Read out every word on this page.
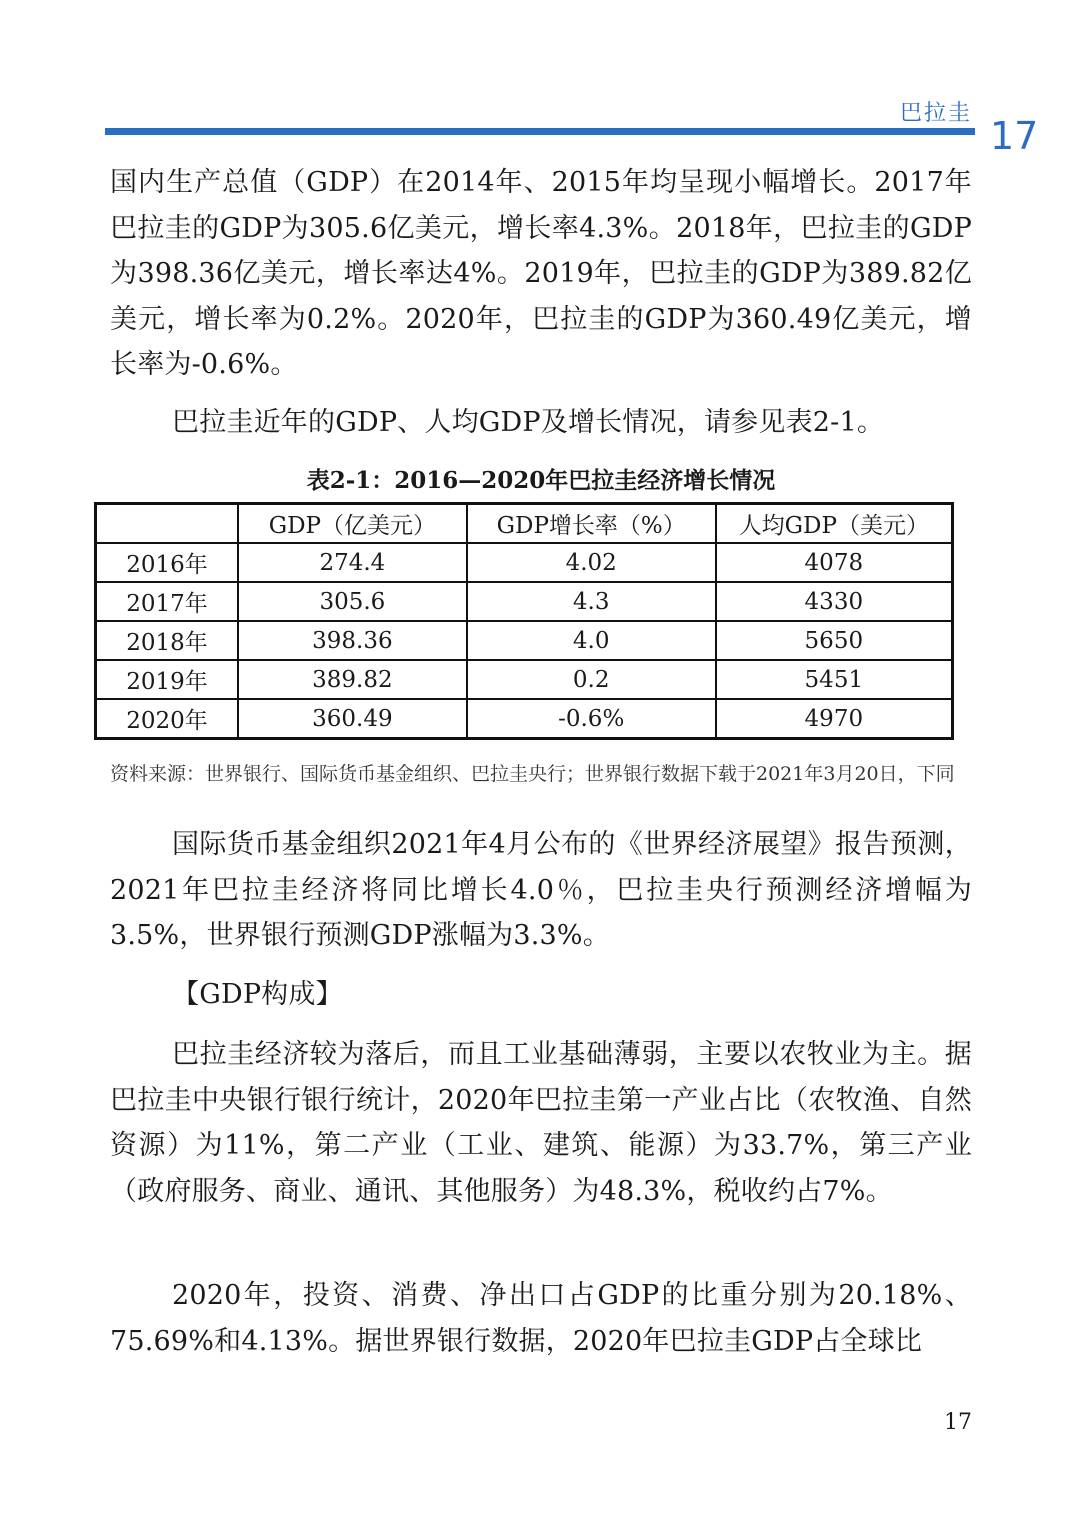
巴拉圭
17

国内生产总值（GDP）在2014年、2015年均呈现小幅增长。2017年巴拉圭的GDP为305.6亿美元，增长率4.3%。2018年，巴拉圭的GDP为398.36亿美元，增长率达4%。2019年，巴拉圭的GDP为389.82亿美元，增长率为0.2%。2020年，巴拉圭的GDP为360.49亿美元，增长率为-0.6%。

巴拉圭近年的GDP、人均GDP及增长情况，请参见表2-1。

表2-1：2016—2020年巴拉圭经济增长情况
	GDP（亿美元）	GDP增长率（%）	人均GDP（美元）
2016年	274.4	4.02	4078
2017年	305.6	4.3	4330
2018年	398.36	4.0	5650
2019年	389.82	0.2	5451
2020年	360.49	-0.6%	4970

资料来源：世界银行、国际货币基金组织、巴拉圭央行；世界银行数据下载于2021年3月20日，下同

国际货币基金组织2021年4月公布的《世界经济展望》报告预测，2021年巴拉圭经济将同比增长4.0％，巴拉圭央行预测经济增幅为3.5%，世界银行预测GDP涨幅为3.3%。

【GDP构成】

巴拉圭经济较为落后，而且工业基础薄弱，主要以农牧业为主。据巴拉圭中央银行银行统计，2020年巴拉圭第一产业占比（农牧渔、自然资源）为11%，第二产业（工业、建筑、能源）为33.7%，第三产业（政府服务、商业、通讯、其他服务）为48.3%，税收约占7%。

2020年，投资、消费、净出口占GDP的比重分别为20.18%、75.69%和4.13%。据世界银行数据，2020年巴拉圭GDP占全球比

17
